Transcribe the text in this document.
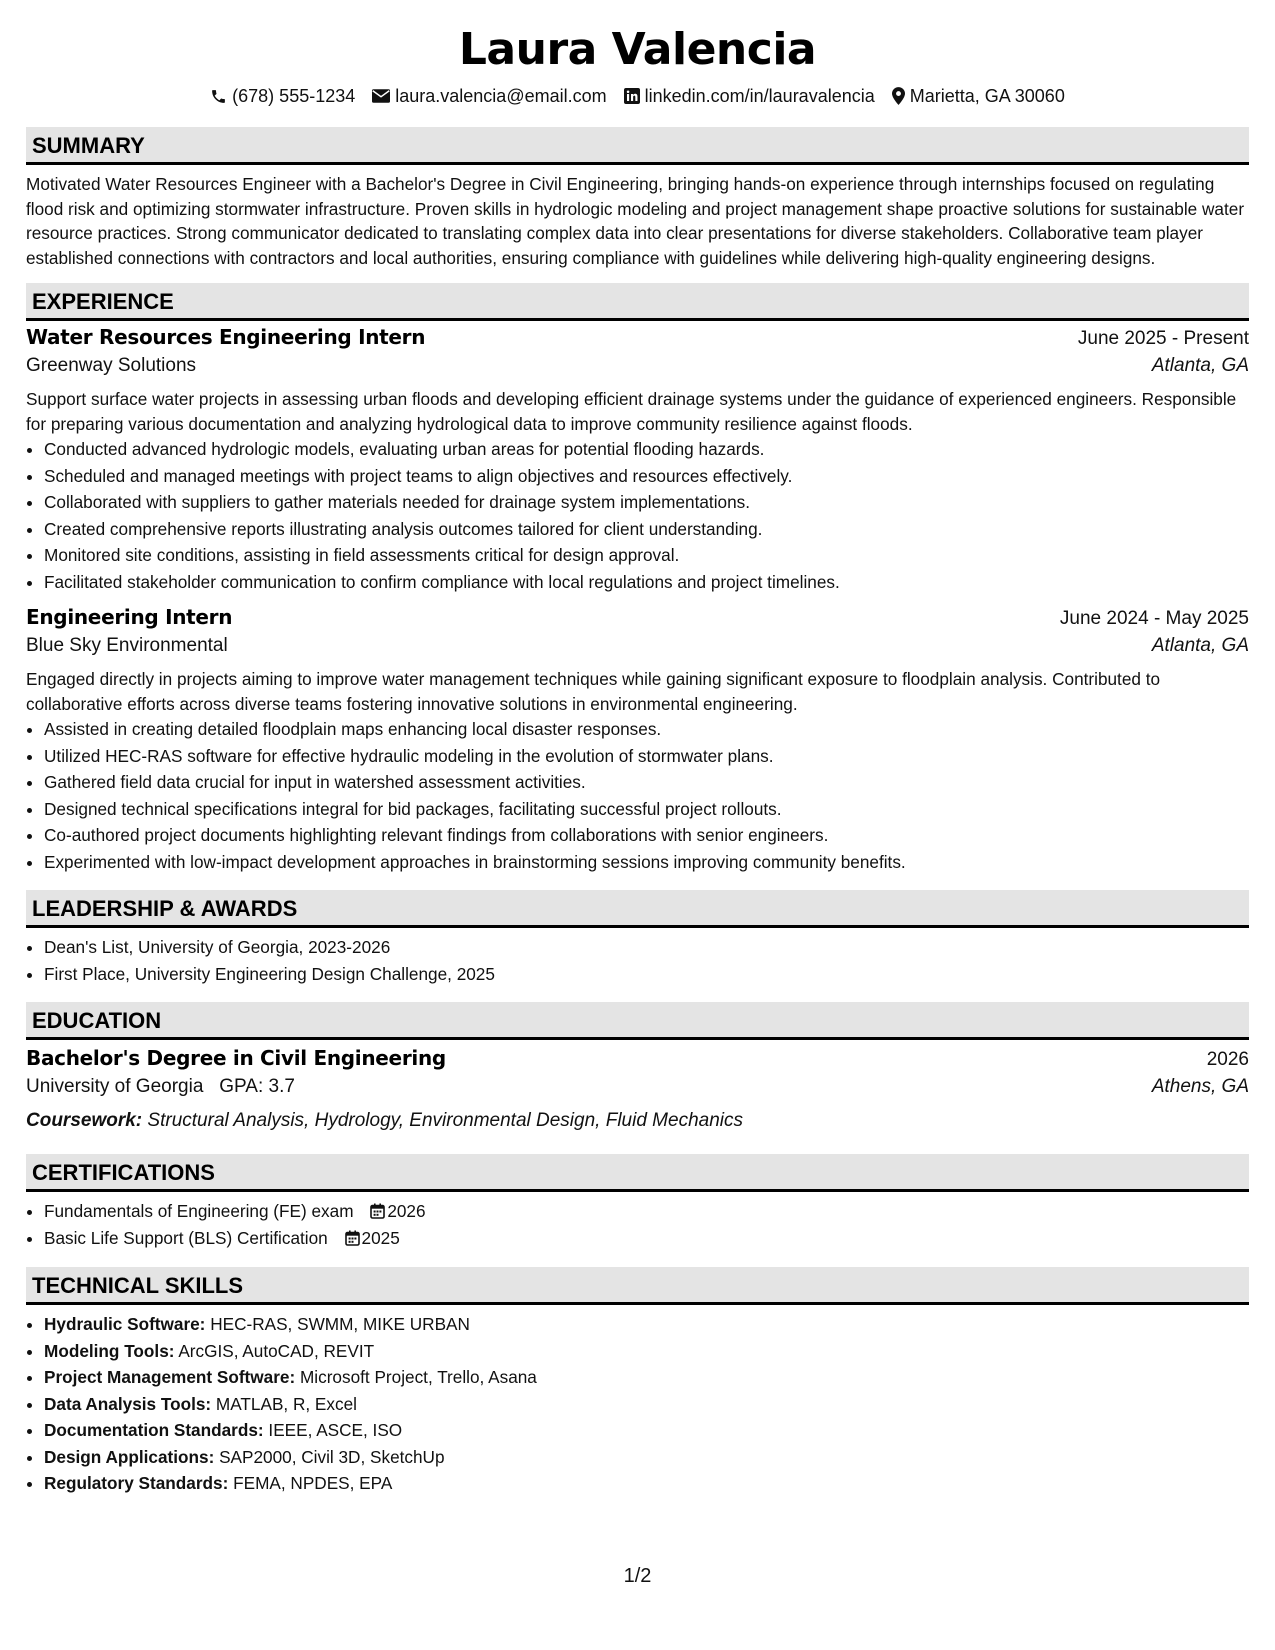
Laura Valencia
(678) 555-1234 laura.valencia@email.com linkedin.com/in/lauravalencia Marietta, GA 30060
SUMMARY

Motivated Water Resources Engineer with a Bachelor's Degree in Civil Engineering, bringing hands-on experience through internships focused on regulating flood risk and optimizing stormwater infrastructure. Proven skills in hydrologic modeling and project management shape proactive solutions for sustainable water resource practices. Strong communicator dedicated to translating complex data into clear presentations for diverse stakeholders. Collaborative team player established connections with contractors and local authorities, ensuring compliance with guidelines while delivering high-quality engineering designs.

EXPERIENCE
Water Resources Engineering Intern	June 2025 - Present
Greenway Solutions	Atlanta, GA

Support surface water projects in assessing urban floods and developing efficient drainage systems under the guidance of experienced engineers. Responsible for preparing various documentation and analyzing hydrological data to improve community resilience against floods.

• Conducted advanced hydrologic models, evaluating urban areas for potential flooding hazards.
• Scheduled and managed meetings with project teams to align objectives and resources effectively.
• Collaborated with suppliers to gather materials needed for drainage system implementations.
• Created comprehensive reports illustrating analysis outcomes tailored for client understanding.
• Monitored site conditions, assisting in field assessments critical for design approval.
• Facilitated stakeholder communication to confirm compliance with local regulations and project timelines.
Engineering Intern	June 2024 - May 2025
Blue Sky Environmental	Atlanta, GA

Engaged directly in projects aiming to improve water management techniques while gaining significant exposure to floodplain analysis. Contributed to collaborative efforts across diverse teams fostering innovative solutions in environmental engineering.

• Assisted in creating detailed floodplain maps enhancing local disaster responses.
• Utilized HEC-RAS software for effective hydraulic modeling in the evolution of stormwater plans.
• Gathered field data crucial for input in watershed assessment activities.
• Designed technical specifications integral for bid packages, facilitating successful project rollouts.
• Co-authored project documents highlighting relevant findings from collaborations with senior engineers.
• Experimented with low-impact development approaches in brainstorming sessions improving community benefits.
LEADERSHIP & AWARDS
• Dean's List, University of Georgia, 2023-2026
• First Place, University Engineering Design Challenge, 2025
EDUCATION
Bachelor's Degree in Civil Engineering	2026
University of Georgia GPA: 3.7	Athens, GA
Coursework: Structural Analysis, Hydrology, Environmental Design, Fluid Mechanics
CERTIFICATIONS
• Fundamentals of Engineering (FE) exam 2026
• Basic Life Support (BLS) Certification 2025
TECHNICAL SKILLS
• Hydraulic Software: HEC-RAS, SWMM, MIKE URBAN
• Modeling Tools: ArcGIS, AutoCAD, REVIT
• Project Management Software: Microsoft Project, Trello, Asana
• Data Analysis Tools: MATLAB, R, Excel
• Documentation Standards: IEEE, ASCE, ISO
• Design Applications: SAP2000, Civil 3D, SketchUp
• Regulatory Standards: FEMA, NPDES, EPA
1/2
